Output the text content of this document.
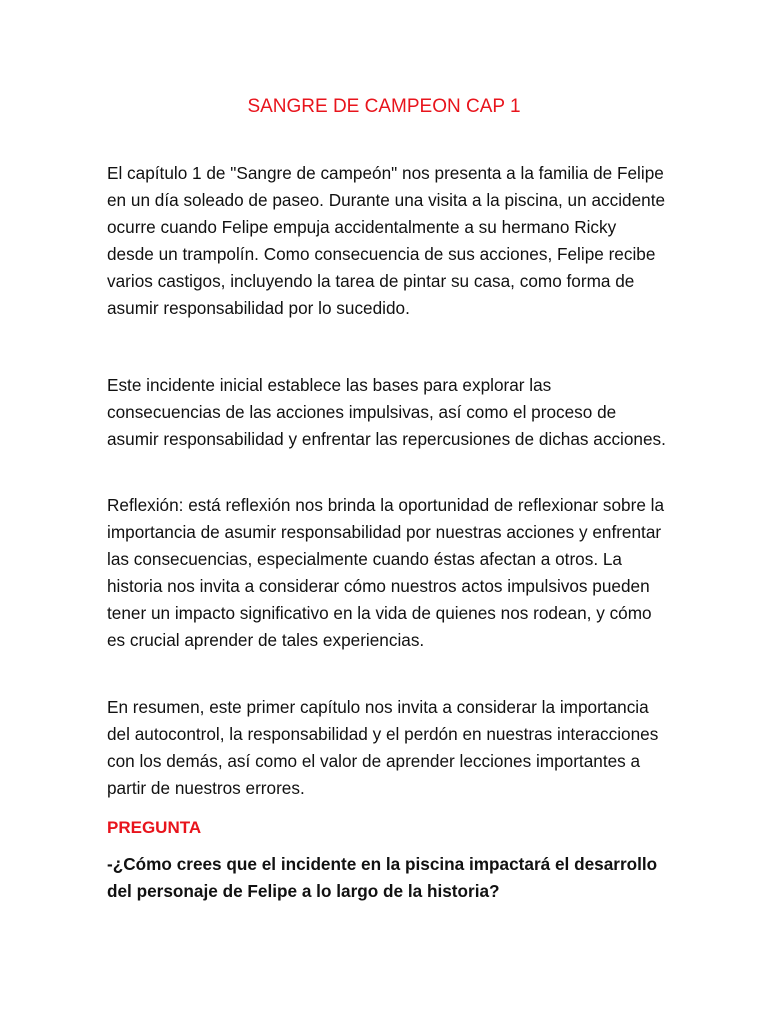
SANGRE DE CAMPEON CAP 1

El capítulo 1 de "Sangre de campeón" nos presenta a la familia de Felipe en un día soleado de paseo. Durante una visita a la piscina, un accidente ocurre cuando Felipe empuja accidentalmente a su hermano Ricky desde un trampolín. Como consecuencia de sus acciones, Felipe recibe varios castigos, incluyendo la tarea de pintar su casa, como forma de asumir responsabilidad por lo sucedido.

Este incidente inicial establece las bases para explorar las consecuencias de las acciones impulsivas, así como el proceso de asumir responsabilidad y enfrentar las repercusiones de dichas acciones.

Reflexión: está reflexión nos brinda la oportunidad de reflexionar sobre la importancia de asumir responsabilidad por nuestras acciones y enfrentar las consecuencias, especialmente cuando éstas afectan a otros. La historia nos invita a considerar cómo nuestros actos impulsivos pueden tener un impacto significativo en la vida de quienes nos rodean, y cómo es crucial aprender de tales experiencias.

En resumen, este primer capítulo nos invita a considerar la importancia del autocontrol, la responsabilidad y el perdón en nuestras interacciones con los demás, así como el valor de aprender lecciones importantes a partir de nuestros errores.

PREGUNTA

-¿Cómo crees que el incidente en la piscina impactará el desarrollo del personaje de Felipe a lo largo de la historia?
